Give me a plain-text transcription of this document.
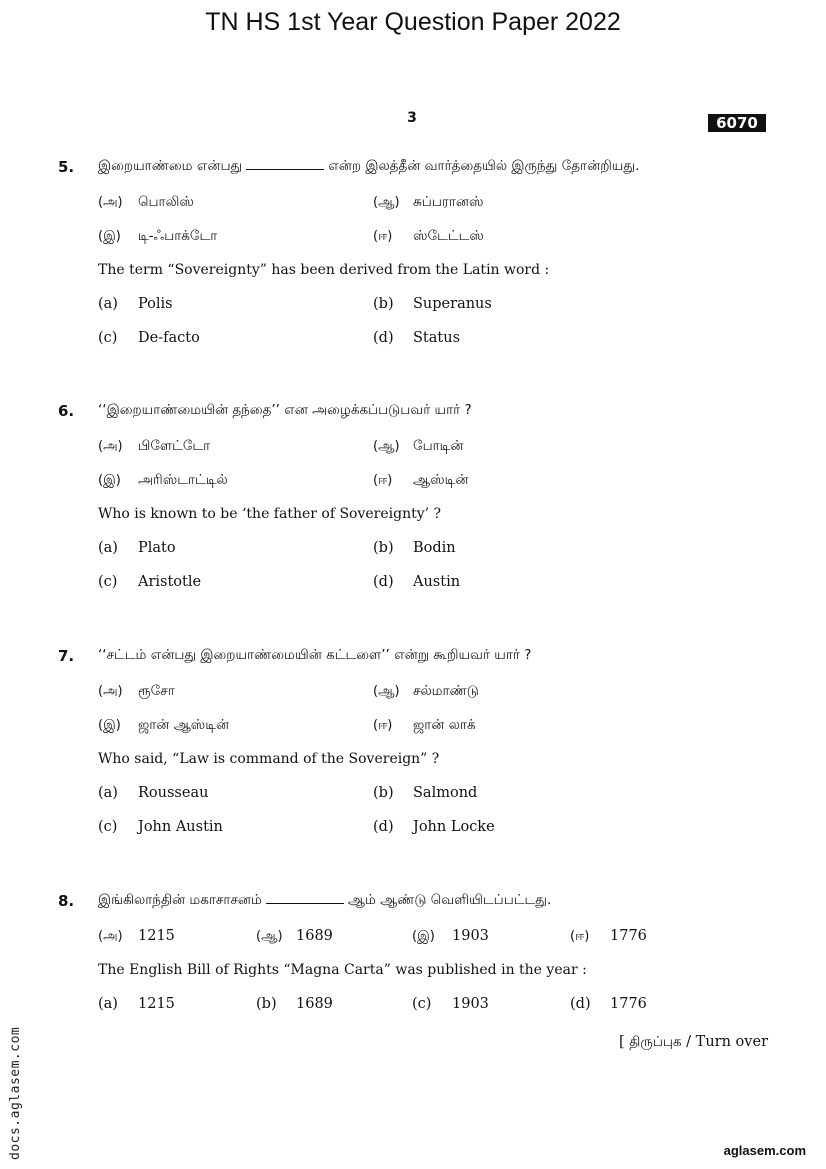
TN HS 1st Year Question Paper 2022
3	6070
5. இறையாண்மை என்பது	என்ற இலத்தீன் வார்த்தையில் இருந்து தோன்றியது.
(அ) பொலிஸ்	(ஆ) சுப்பரானஸ்
(இ) டி-ஃபாக்டோ	(ஈ) ஸ்டேட்டஸ்
The term “Sovereignty” has been derived from the Latin word :
(a) Polis	(b) Superanus
(c) De-facto	(d) Status
6. ‘‘இறையாண்மையின் தந்தை’’ என அழைக்கப்படுபவர் யார் ?
(அ) பிளேட்டோ	(ஆ) போடின்
(இ) அரிஸ்டாட்டில்	(ஈ) ஆஸ்டின்
Who is known to be ‘the father of Sovereignty’ ?
(a) Plato	(b) Bodin
(c) Aristotle	(d) Austin
7. ‘‘சட்டம் என்பது இறையாண்மையின் கட்டளை’’ என்று கூறியவர் யார் ?
(அ) ரூசோ	(ஆ) சல்மாண்டு
(இ) ஜான் ஆஸ்டின்	(ஈ) ஜான் லாக்
Who said, “Law is command of the Sovereign” ?
(a) Rousseau	(b) Salmond
(c) John Austin	(d) John Locke
8. இங்கிலாந்தின் மகாசாசனம்	ஆம் ஆண்டு வெளியிடப்பட்டது.
(அ) 1215	(ஆ) 1689	(இ) 1903	(ஈ) 1776
The English Bill of Rights “Magna Carta” was published in the year :
(a) 1215	(b) 1689	(c) 1903	(d) 1776
[ திருப்புக / Turn over
docs.aglasem.com	aglasem.com
